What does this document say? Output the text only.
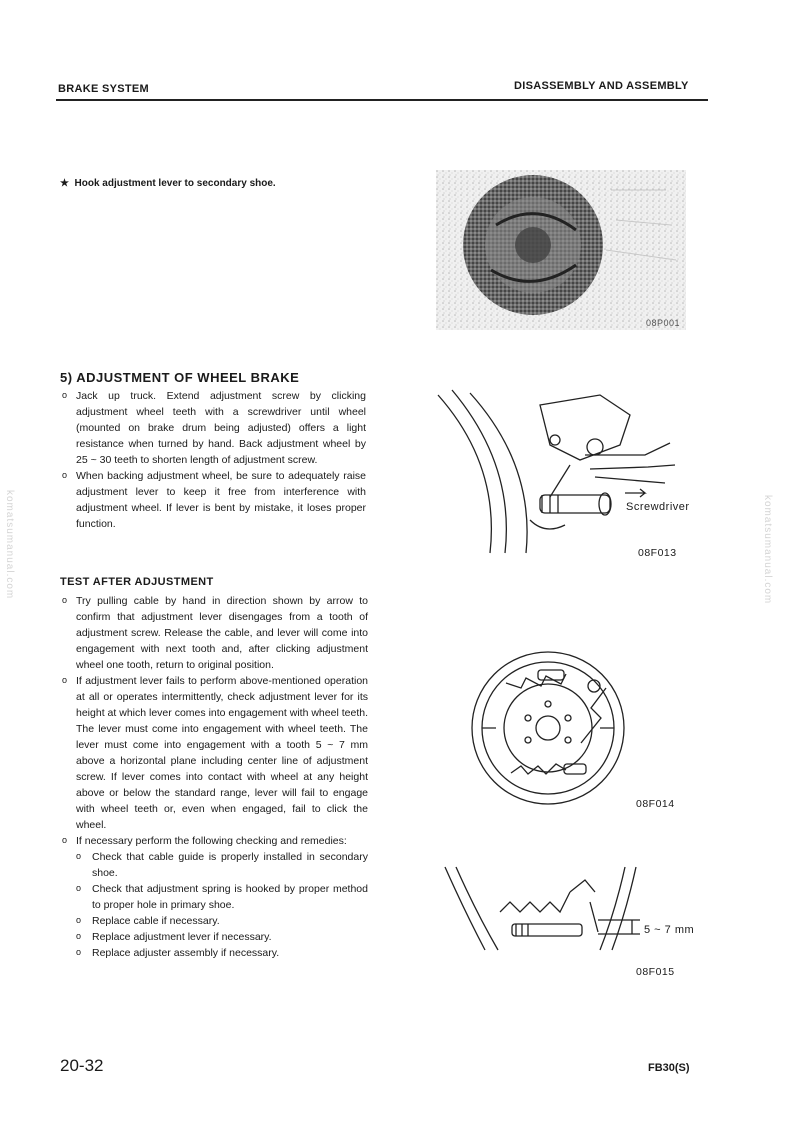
BRAKE SYSTEM	DISASSEMBLY AND ASSEMBLY
komatsumanual.com	komatsumanual.com
★ Hook adjustment lever to secondary shoe.
08P001
5) ADJUSTMENT OF WHEEL BRAKE

o Jack up truck. Extend adjustment screw by clicking adjustment wheel teeth with a screwdriver until wheel (mounted on brake drum being adjusted) offers a light resistance when turned by hand. Back adjustment wheel by 25 ~ 30 teeth to shorten length of adjustment screw.

o When backing adjustment wheel, be sure to adequately raise adjustment lever to keep it free from interference with adjustment wheel. If lever is bent by mistake, it loses proper function.

TEST AFTER ADJUSTMENT

o Try pulling cable by hand in direction shown by arrow to confirm that adjustment lever disengages from a tooth of adjustment screw. Release the cable, and lever will come into engagement with next tooth and, after clicking adjustment wheel one tooth, return to original position.

o If adjustment lever fails to perform above-mentioned operation at all or operates intermittently, check adjustment lever for its height at which lever comes into engagement with wheel teeth. The lever must come into engagement with wheel teeth. The lever must come into engagement with a tooth 5 ~ 7 mm above a horizontal plane including center line of adjustment screw. If lever comes into contact with wheel at any height above or below the standard range, lever will fail to engage with wheel teeth or, even when engaged, fail to click the wheel.

o If necessary perform the following checking and remedies:

o Check that cable guide is properly installed in secondary shoe.

o Check that adjustment spring is hooked by proper method to proper hole in primary shoe.

o Replace cable if necessary.

o Replace adjustment lever if necessary.

o Replace adjuster assembly if necessary.

Screwdriver
08F013
08F014
5 ~ 7 mm
08F015
20-32	FB30(S)
